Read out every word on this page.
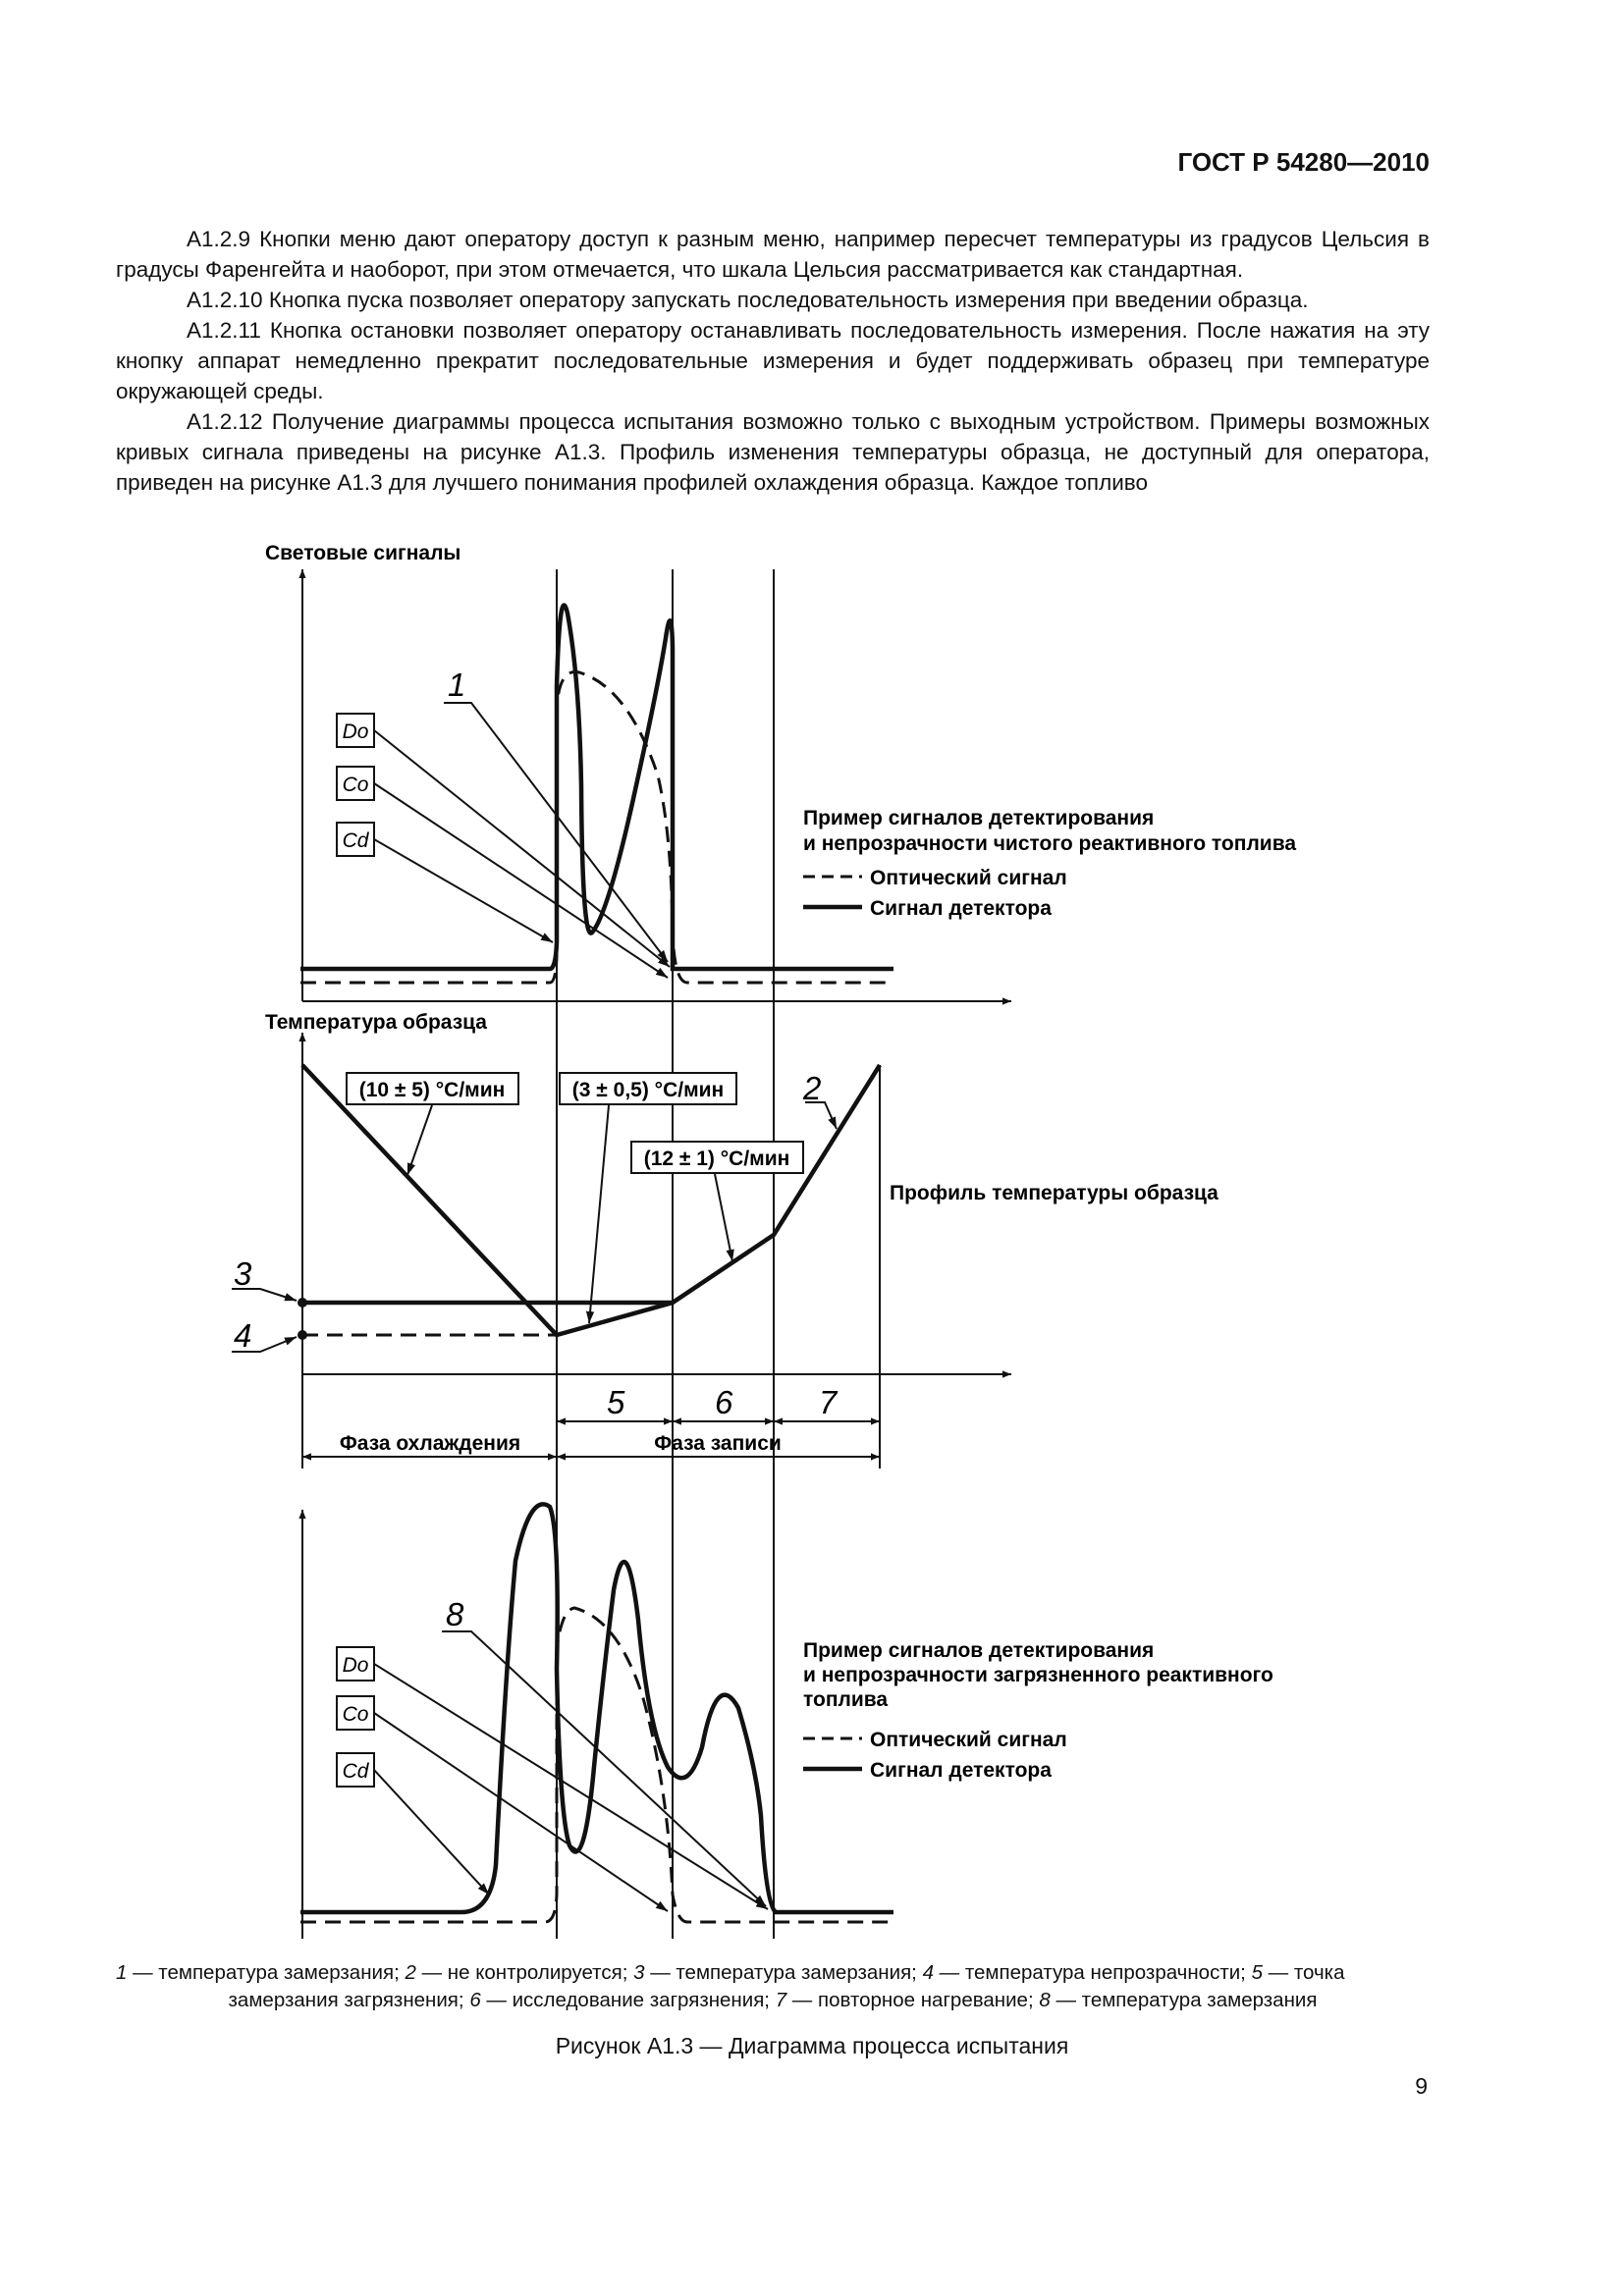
ГОСТ Р 54280—2010

А1.2.9 Кнопки меню дают оператору доступ к разным меню, например пересчет температуры из градусов Цельсия в градусы Фаренгейта и наоборот, при этом отмечается, что шкала Цельсия рассматривается как стандартная.

А1.2.10 Кнопка пуска позволяет оператору запускать последовательность измерения при введении образца.

А1.2.11 Кнопка остановки позволяет оператору останавливать последовательность измерения. После нажатия на эту кнопку аппарат немедленно прекратит последовательные измерения и будет поддерживать образец при температуре окружающей среды.

А1.2.12 Получение диаграммы процесса испытания возможно только с выходным устройством. Примеры возможных кривых сигнала приведены на рисунке А1.3. Профиль изменения температуры образца, не доступный для оператора, приведен на рисунке А1.3 для лучшего понимания профилей охлаждения образца. Каждое топливо

Световые сигналы
Do
Co
Cd
1
Пример сигналов детектирования
и непрозрачности чистого реактивного топлива
Оптический сигнал
Сигнал детектора
Температура образца
(10 ± 5) °С/мин	(3 ± 0,5) °С/мин
(12 ± 1) °С/мин
2
3
4
Профиль температуры образца
5	6	7
Фаза охлаждения	Фаза записи
Do
Co
Cd
8
Пример сигналов детектирования
и непрозрачности загрязненного реактивного
топлива
Оптический сигнал
Сигнал детектора
1 — температура замерзания; 2 — не контролируется; 3 — температура замерзания; 4 — температура непрозрачности; 5 — точка
замерзания загрязнения; 6 — исследование загрязнения; 7 — повторное нагревание; 8 — температура замерзания
Рисунок А1.3 — Диаграмма процесса испытания
9
